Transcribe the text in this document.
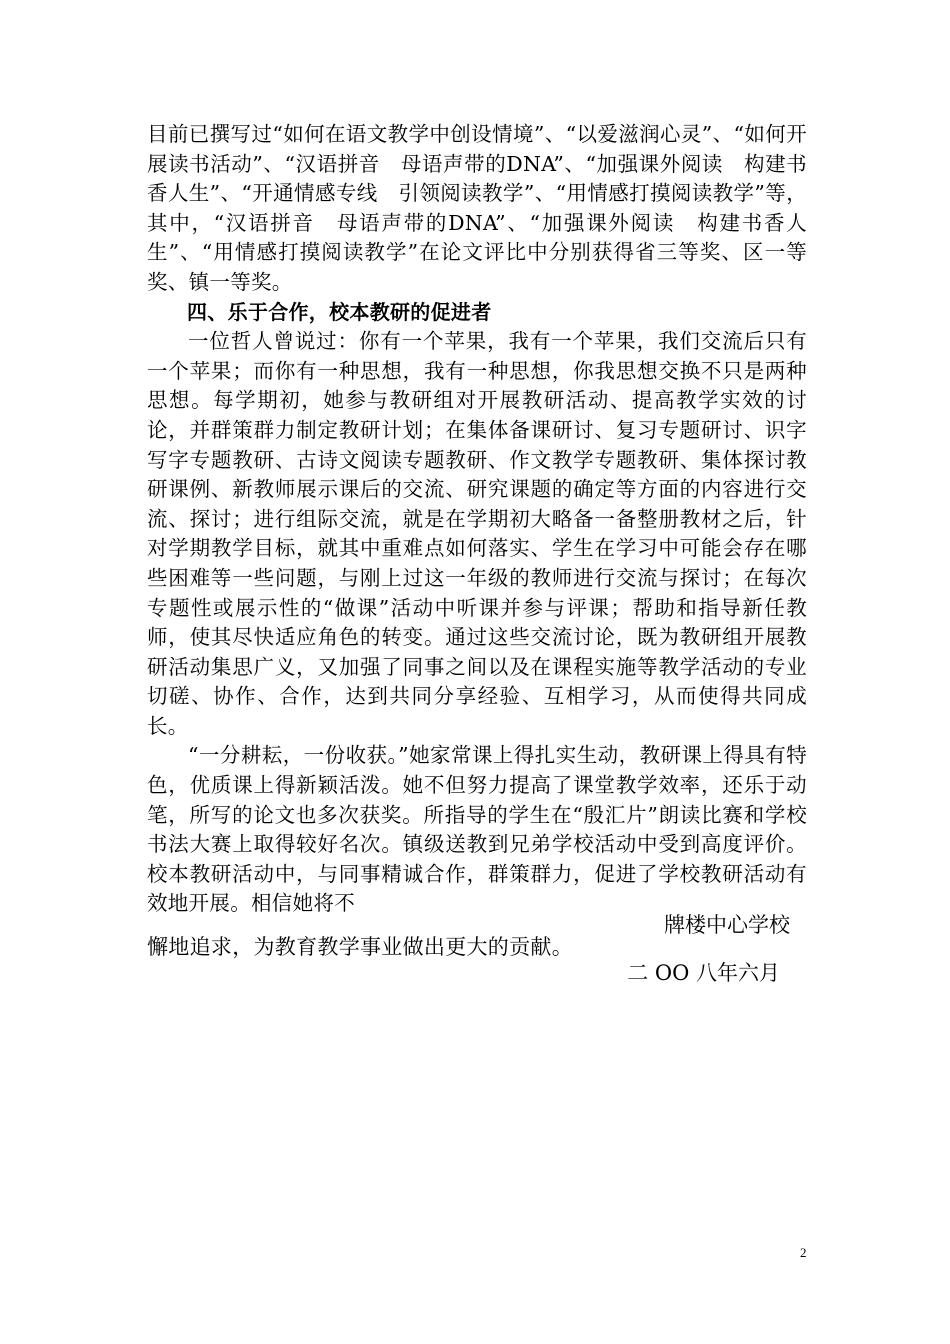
目前已撰写过“如何在语文教学中创设情境”、“以爱滋润心灵”、“如何开展读书活动”、“汉语拼音　母语声带的DNA”、“加强课外阅读　构建书香人生”、“开通情感专线　引领阅读教学”、“用情感打摸阅读教学”等，其中，“汉语拼音　母语声带的DNA”、“加强课外阅读　构建书香人生”、“用情感打摸阅读教学”在论文评比中分别获得省三等奖、区一等奖、镇一等奖。

四、乐于合作，校本教研的促进者

一位哲人曾说过：你有一个苹果，我有一个苹果，我们交流后只有一个苹果；而你有一种思想，我有一种思想，你我思想交换不只是两种思想。每学期初，她参与教研组对开展教研活动、提高教学实效的讨论，并群策群力制定教研计划；在集体备课研讨、复习专题研讨、识字写字专题教研、古诗文阅读专题教研、作文教学专题教研、集体探讨教研课例、新教师展示课后的交流、研究课题的确定等方面的内容进行交流、探讨；进行组际交流，就是在学期初大略备一备整册教材之后，针对学期教学目标，就其中重难点如何落实、学生在学习中可能会存在哪些困难等一些问题，与刚上过这一年级的教师进行交流与探讨；在每次专题性或展示性的“做课”活动中听课并参与评课；帮助和指导新任教师，使其尽快适应角色的转变。通过这些交流讨论，既为教研组开展教研活动集思广义，又加强了同事之间以及在课程实施等教学活动的专业切磋、协作、合作，达到共同分享经验、互相学习，从而使得共同成长。

“一分耕耘，一份收获。”她家常课上得扎实生动，教研课上得具有特色，优质课上得新颖活泼。她不但努力提高了课堂教学效率，还乐于动笔，所写的论文也多次获奖。所指导的学生在“殷汇片”朗读比赛和学校书法大赛上取得较好名次。镇级送教到兄弟学校活动中受到高度评价。校本教研活动中，与同事精诚合作，群策群力，促进了学校教研活动有效地开展。相信她将不

懈地追求，为教育教学事业做出更大的贡献。

牌楼中心学校
二 OO 八年六月
2
